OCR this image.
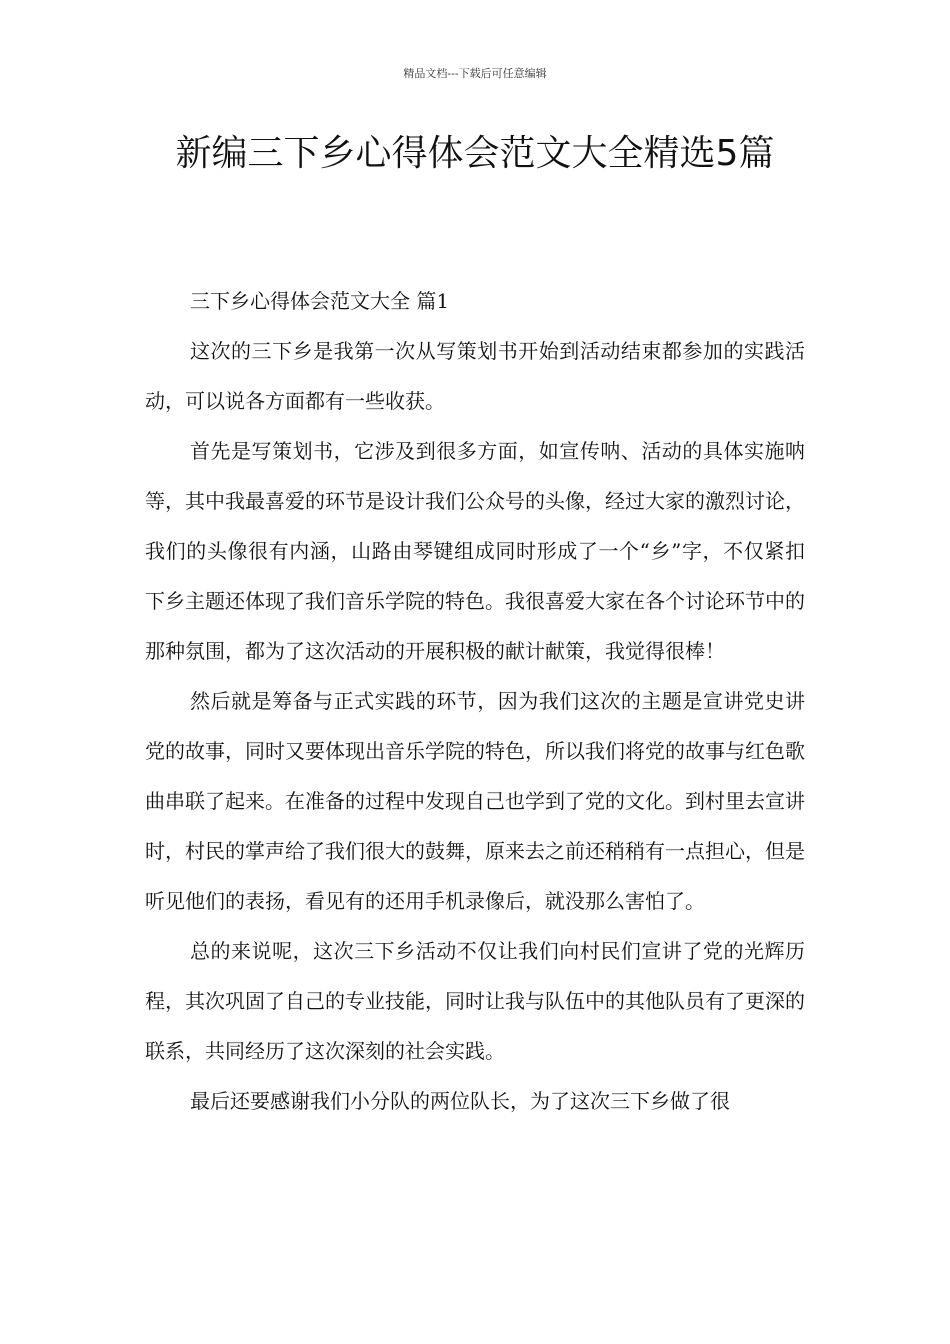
精品文档---下载后可任意编辑
新编三下乡心得体会范文大全精选5篇
三下乡心得体会范文大全 篇1

这次的三下乡是我第一次从写策划书开始到活动结束都参加的实践活动，可以说各方面都有一些收获。

首先是写策划书，它涉及到很多方面，如宣传呐、活动的具体实施呐等，其中我最喜爱的环节是设计我们公众号的头像，经过大家的激烈讨论，我们的头像很有内涵，山路由琴键组成同时形成了一个“乡”字，不仅紧扣下乡主题还体现了我们音乐学院的特色。我很喜爱大家在各个讨论环节中的那种氛围，都为了这次活动的开展积极的献计献策，我觉得很棒！

然后就是筹备与正式实践的环节，因为我们这次的主题是宣讲党史讲党的故事，同时又要体现出音乐学院的特色，所以我们将党的故事与红色歌曲串联了起来。在准备的过程中发现自己也学到了党的文化。到村里去宣讲时，村民的掌声给了我们很大的鼓舞，原来去之前还稍稍有一点担心，但是听见他们的表扬，看见有的还用手机录像后，就没那么害怕了。

总的来说呢，这次三下乡活动不仅让我们向村民们宣讲了党的光辉历程，其次巩固了自己的专业技能，同时让我与队伍中的其他队员有了更深的联系，共同经历了这次深刻的社会实践。

最后还要感谢我们小分队的两位队长，为了这次三下乡做了很
